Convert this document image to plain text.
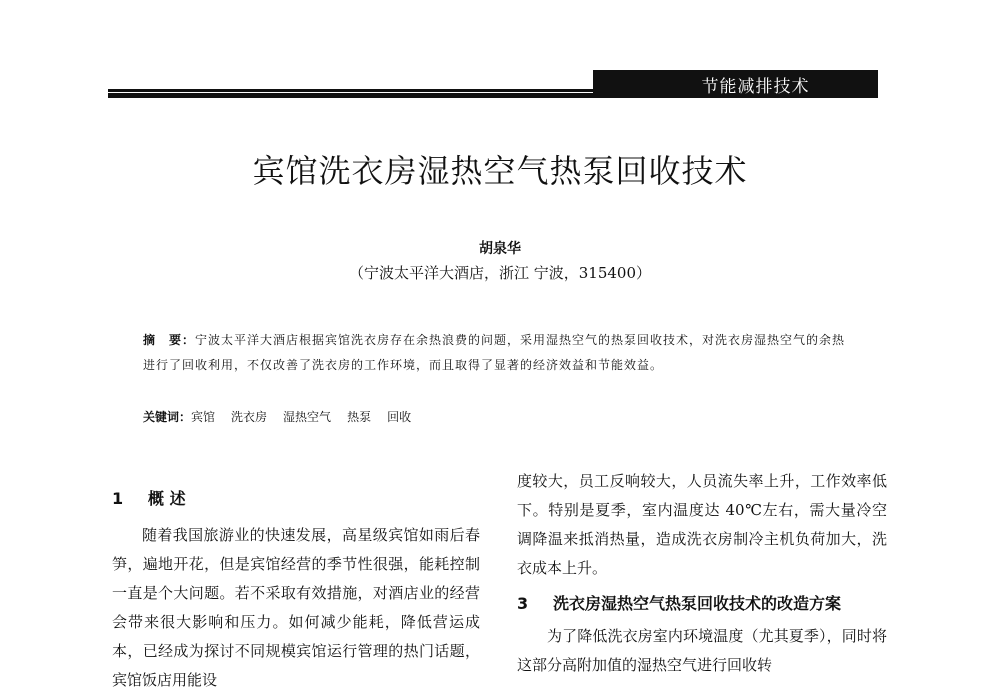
节能减排技术
宾馆洗衣房湿热空气热泵回收技术
胡泉华
（宁波太平洋大酒店，浙江 宁波，315400）
摘　要：宁波太平洋大酒店根据宾馆洗衣房存在余热浪费的问题，采用湿热空气的热泵回收技术，对洗衣房湿热空气的余热进行了回收利用，不仅改善了洗衣房的工作环境，而且取得了显著的经济效益和节能效益。
关键词：宾馆 洗衣房 湿热空气 热泵 回收
1 概 述

随着我国旅游业的快速发展，高星级宾馆如雨后春笋，遍地开花，但是宾馆经营的季节性很强，能耗控制一直是个大问题。若不采取有效措施，对酒店业的经营会带来很大影响和压力。如何减少能耗，降低营运成本，已经成为探讨不同规模宾馆运行管理的热门话题，宾馆饭店用能设

度较大，员工反响较大，人员流失率上升，工作效率低下。特别是夏季，室内温度达 40℃左右，需大量冷空调降温来抵消热量，造成洗衣房制冷主机负荷加大，洗衣成本上升。

3 洗衣房湿热空气热泵回收技术的改造方案

为了降低洗衣房室内环境温度（尤其夏季），同时将这部分高附加值的湿热空气进行回收转
